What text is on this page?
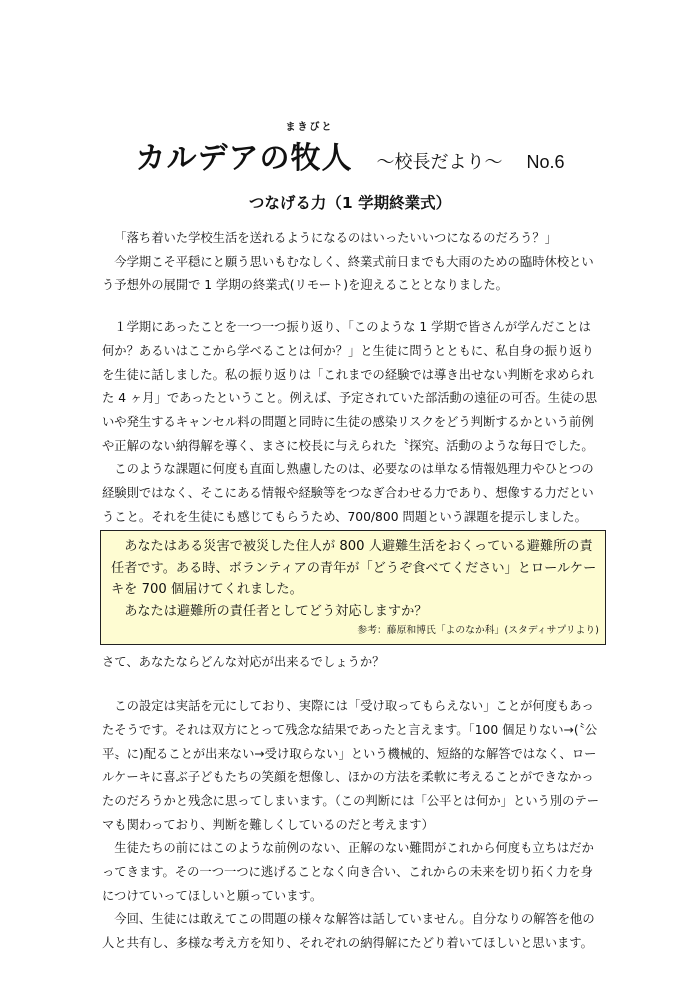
カルデアの牧人
まきびと
～校長だより～ No.6
つなげる力（1 学期終業式）

「落ち着いた学校生活を送れるようになるのはいったいいつになるのだろう？」

今学期こそ平穏にと願う思いもむなしく、終業式前日までも大雨のための臨時休校という予想外の展開で 1 学期の終業式(リモート)を迎えることとなりました。

１学期にあったことを一つ一つ振り返り、「このような 1 学期で皆さんが学んだことは何か？あるいはここから学べることは何か？」と生徒に問うとともに、私自身の振り返りを生徒に話しました。私の振り返りは「これまでの経験では導き出せない判断を求められた 4 ヶ月」であったということ。例えば、予定されていた部活動の遠征の可否。生徒の思いや発生するキャンセル料の問題と同時に生徒の感染リスクをどう判断するかという前例や正解のない納得解を導く、まさに校長に与えられた〝探究〟活動のような毎日でした。

このような課題に何度も直面し熟慮したのは、必要なのは単なる情報処理力やひとつの経験則ではなく、そこにある情報や経験等をつなぎ合わせる力であり、想像する力だということ。それを生徒にも感じてもらうため、700/800 問題という課題を提示しました。

あなたはある災害で被災した住人が 800 人避難生活をおくっている避難所の責任者です。ある時、ボランティアの青年が「どうぞ食べてください」とロールケーキを 700 個届けてくれました。

あなたは避難所の責任者としてどう対応しますか？

参考：藤原和博氏「よのなか科」(スタディサプリより)

さて、あなたならどんな対応が出来るでしょうか？

この設定は実話を元にしており、実際には「受け取ってもらえない」ことが何度もあったそうです。それは双方にとって残念な結果であったと言えます。「100 個足りない→(〝公平〟に)配ることが出来ない→受け取らない」という機械的、短絡的な解答ではなく、ロールケーキに喜ぶ子どもたちの笑顔を想像し、ほかの方法を柔軟に考えることができなかったのだろうかと残念に思ってしまいます。（この判断には「公平とは何か」という別のテーマも関わっており、判断を難しくしているのだと考えます）

生徒たちの前にはこのような前例のない、正解のない難問がこれから何度も立ちはだかってきます。その一つ一つに逃げることなく向き合い、これからの未来を切り拓く力を身につけていってほしいと願っています。

今回、生徒には敢えてこの問題の様々な解答は話していません。自分なりの解答を他の人と共有し、多様な考え方を知り、それぞれの納得解にたどり着いてほしいと思います。
